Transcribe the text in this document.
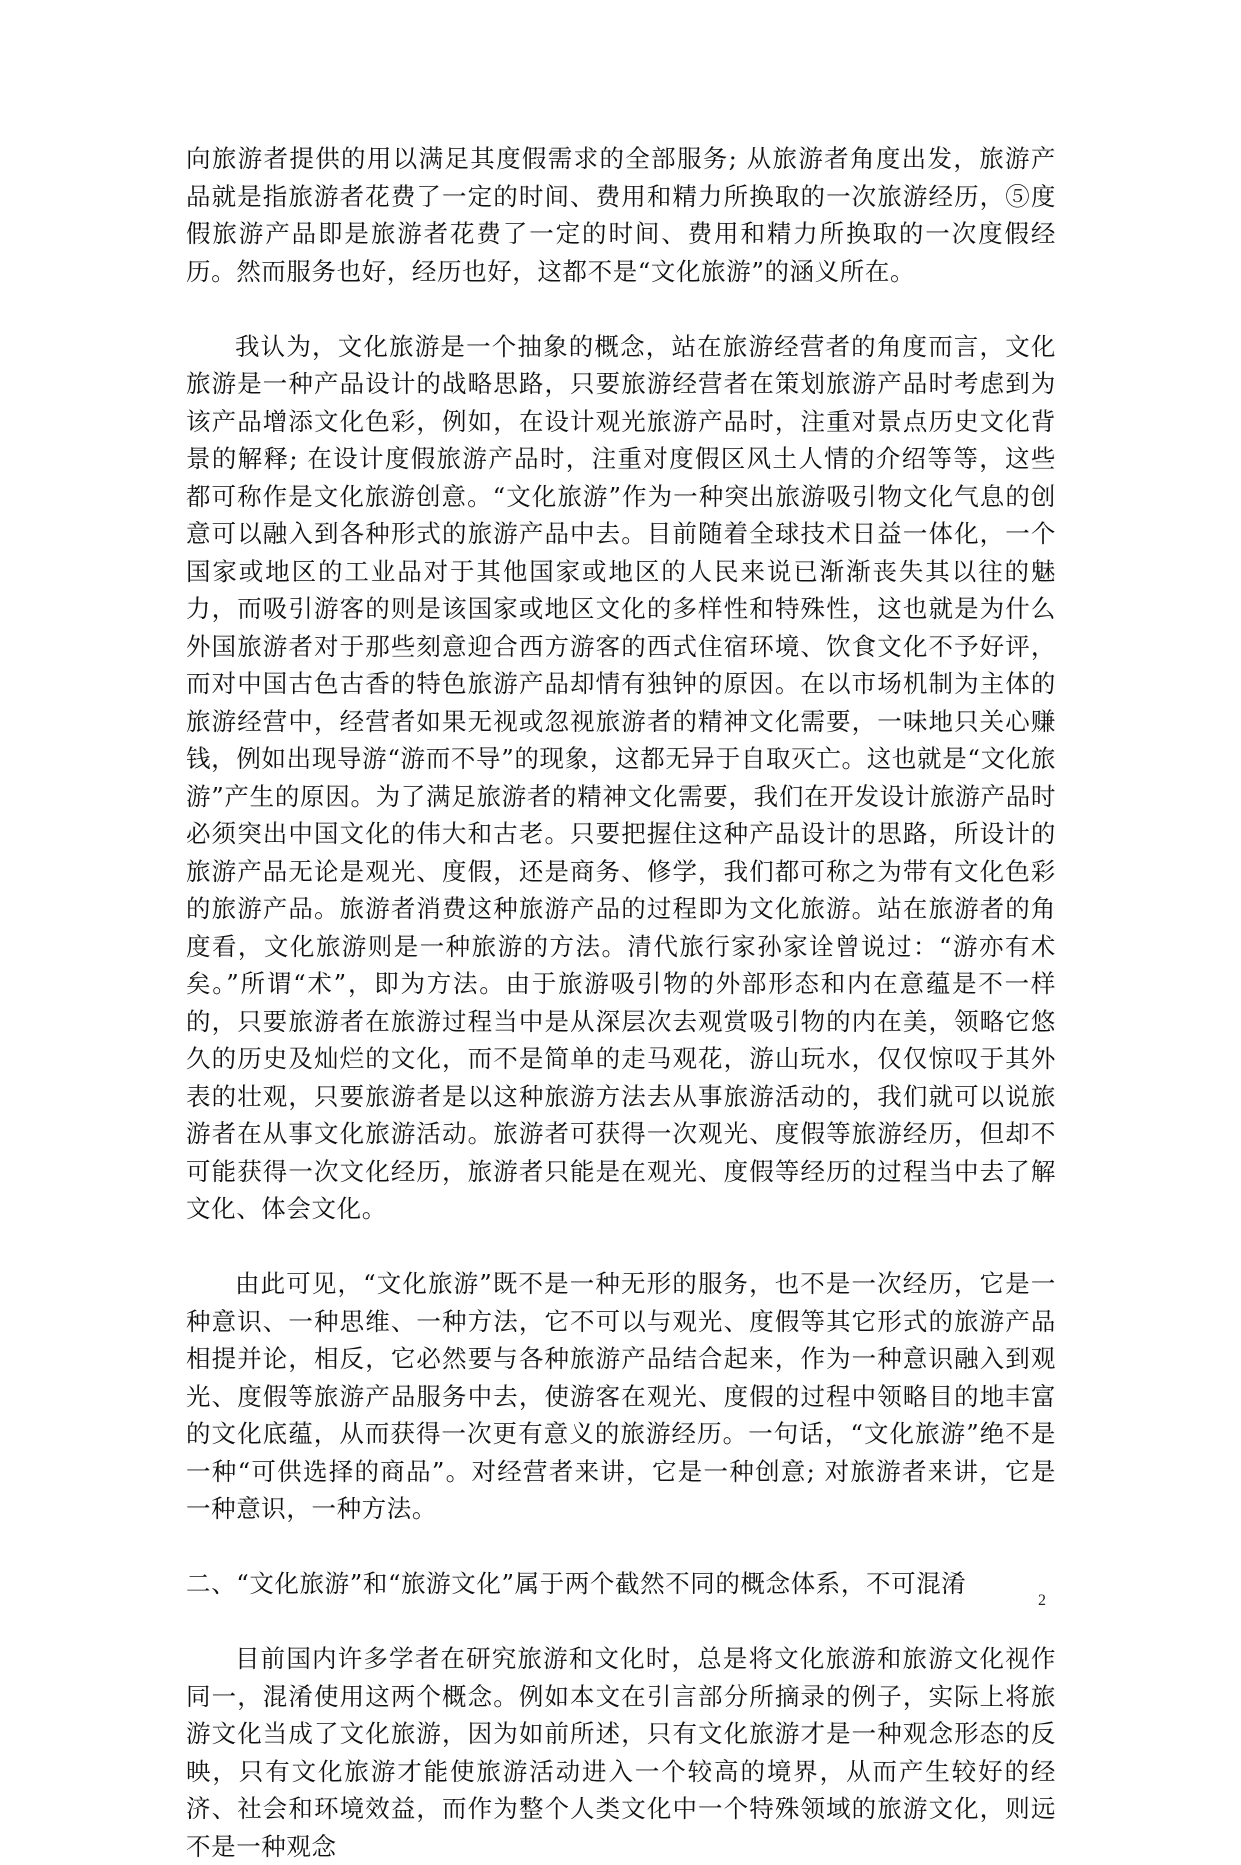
向旅游者提供的用以满足其度假需求的全部服务; 从旅游者角度出发，旅游产品就是指旅游者花费了一定的时间、费用和精力所换取的一次旅游经历，⑤度假旅游产品即是旅游者花费了一定的时间、费用和精力所换取的一次度假经历。然而服务也好，经历也好，这都不是“文化旅游”的涵义所在。

我认为，文化旅游是一个抽象的概念，站在旅游经营者的角度而言，文化旅游是一种产品设计的战略思路，只要旅游经营者在策划旅游产品时考虑到为该产品增添文化色彩，例如，在设计观光旅游产品时，注重对景点历史文化背景的解释; 在设计度假旅游产品时，注重对度假区风土人情的介绍等等，这些都可称作是文化旅游创意。“文化旅游”作为一种突出旅游吸引物文化气息的创意可以融入到各种形式的旅游产品中去。目前随着全球技术日益一体化，一个国家或地区的工业品对于其他国家或地区的人民来说已渐渐丧失其以往的魅力，而吸引游客的则是该国家或地区文化的多样性和特殊性，这也就是为什么外国旅游者对于那些刻意迎合西方游客的西式住宿环境、饮食文化不予好评，而对中国古色古香的特色旅游产品却情有独钟的原因。在以市场机制为主体的旅游经营中，经营者如果无视或忽视旅游者的精神文化需要，一味地只关心赚钱，例如出现导游“游而不导”的现象，这都无异于自取灭亡。这也就是“文化旅游”产生的原因。为了满足旅游者的精神文化需要，我们在开发设计旅游产品时必须突出中国文化的伟大和古老。只要把握住这种产品设计的思路，所设计的旅游产品无论是观光、度假，还是商务、修学，我们都可称之为带有文化色彩的旅游产品。旅游者消费这种旅游产品的过程即为文化旅游。站在旅游者的角度看，文化旅游则是一种旅游的方法。清代旅行家孙家诠曾说过：“游亦有术矣。”所谓“术”，即为方法。由于旅游吸引物的外部形态和内在意蕴是不一样的，只要旅游者在旅游过程当中是从深层次去观赏吸引物的内在美，领略它悠久的历史及灿烂的文化，而不是简单的走马观花，游山玩水，仅仅惊叹于其外表的壮观，只要旅游者是以这种旅游方法去从事旅游活动的，我们就可以说旅游者在从事文化旅游活动。旅游者可获得一次观光、度假等旅游经历，但却不可能获得一次文化经历，旅游者只能是在观光、度假等经历的过程当中去了解文化、体会文化。

由此可见，“文化旅游”既不是一种无形的服务，也不是一次经历，它是一种意识、一种思维、一种方法，它不可以与观光、度假等其它形式的旅游产品相提并论，相反，它必然要与各种旅游产品结合起来，作为一种意识融入到观光、度假等旅游产品服务中去，使游客在观光、度假的过程中领略目的地丰富的文化底蕴，从而获得一次更有意义的旅游经历。一句话，“文化旅游”绝不是一种“可供选择的商品”。对经营者来讲，它是一种创意; 对旅游者来讲，它是一种意识，一种方法。

二、“文化旅游”和“旅游文化”属于两个截然不同的概念体系，不可混淆

目前国内许多学者在研究旅游和文化时，总是将文化旅游和旅游文化视作同一，混淆使用这两个概念。例如本文在引言部分所摘录的例子，实际上将旅游文化当成了文化旅游，因为如前所述，只有文化旅游才是一种观念形态的反映，只有文化旅游才能使旅游活动进入一个较高的境界，从而产生较好的经济、社会和环境效益，而作为整个人类文化中一个特殊领域的旅游文化，则远不是一种观念

2
